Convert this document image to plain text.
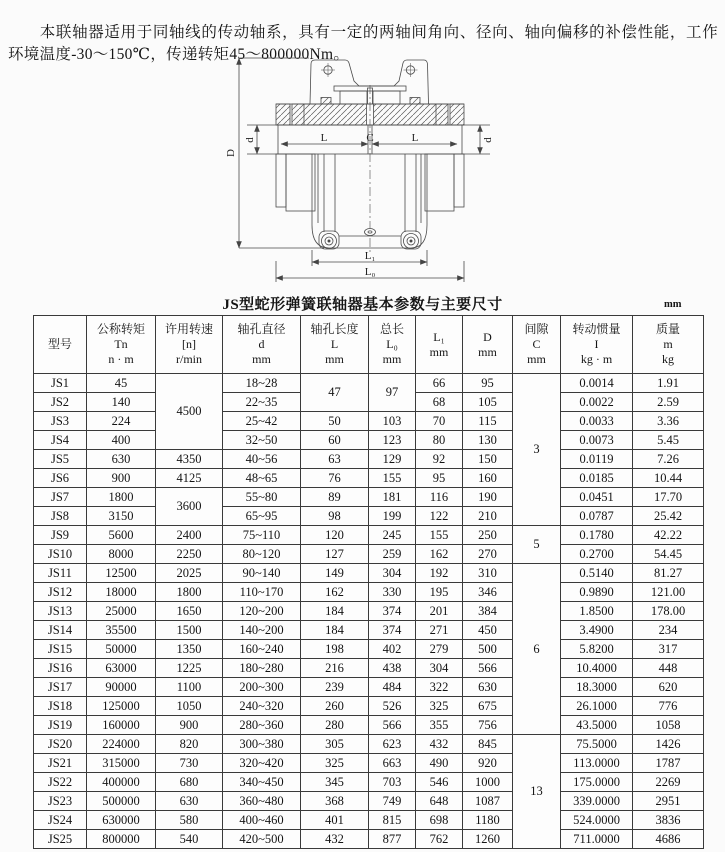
本联轴器适用于同轴线的传动轴系，具有一定的两轴间角向、径向、轴向偏移的补偿性能，工作环境温度-30～150℃，传递转矩45～800000Nm。

D
d	d
L	C	L
L₁
L₀
JS型蛇形弹簧联轴器基本参数与主要尺寸	mm
型号

公称转矩
Tn
n · m

许用转速
[n]
r/min

轴孔直径
d
mm

轴孔长度
L
mm

总长
L₀
mm

L₁
mm

D
mm

间隙
C
mm

转动惯量
I
kg · m

质量
m
kg

JS1	45	4500	18~28	47	97	66	95	3	0.0014	1.91
JS2	140		22~35			68	105		0.0022	2.59
JS3	224		25~42	50	103	70	115		0.0033	3.36
JS4	400		32~50	60	123	80	130		0.0073	5.45
JS5	630	4350	40~56	63	129	92	150		0.0119	7.26
JS6	900	4125	48~65	76	155	95	160		0.0185	10.44
JS7	1800	3600	55~80	89	181	116	190		0.0451	17.70
JS8	3150		65~95	98	199	122	210		0.0787	25.42
JS9	5600	2400	75~110	120	245	155	250	5	0.1780	42.22
JS10	8000	2250	80~120	127	259	162	270		0.2700	54.45
JS11	12500	2025	90~140	149	304	192	310	6	0.5140	81.27
JS12	18000	1800	110~170	162	330	195	346		0.9890	121.00
JS13	25000	1650	120~200	184	374	201	384		1.8500	178.00
JS14	35500	1500	140~200	184	374	271	450		3.4900	234
JS15	50000	1350	160~240	198	402	279	500		5.8200	317
JS16	63000	1225	180~280	216	438	304	566		10.4000	448
JS17	90000	1100	200~300	239	484	322	630		18.3000	620
JS18	125000	1050	240~320	260	526	325	675		26.1000	776
JS19	160000	900	280~360	280	566	355	756		43.5000	1058
JS20	224000	820	300~380	305	623	432	845	13	75.5000	1426
JS21	315000	730	320~420	325	663	490	920		113.0000	1787
JS22	400000	680	340~450	345	703	546	1000		175.0000	2269
JS23	500000	630	360~480	368	749	648	1087		339.0000	2951
JS24	630000	580	400~460	401	815	698	1180		524.0000	3836
JS25	800000	540	420~500	432	877	762	1260		711.0000	4686
